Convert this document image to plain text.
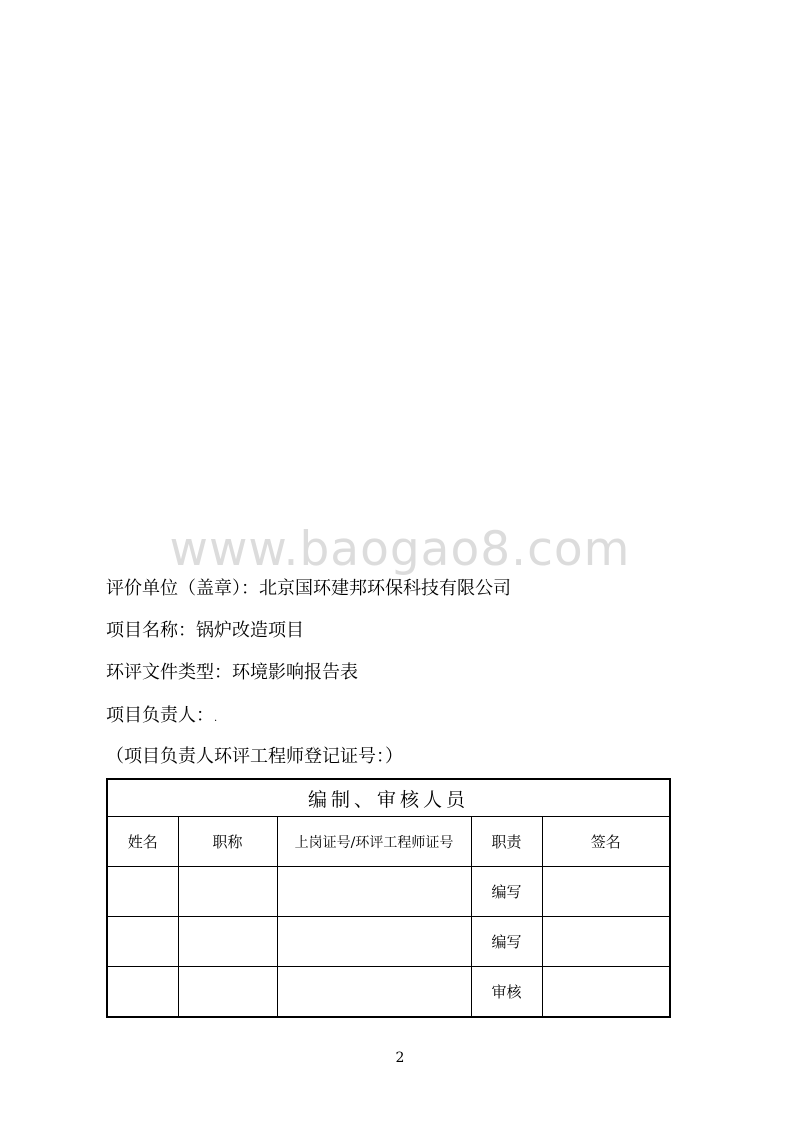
www.baogao8.com
评价单位（盖章）：北京国环建邦环保科技有限公司
项目名称：锅炉改造项目
环评文件类型：环境影响报告表
项目负责人：.
（项目负责人环评工程师登记证号：）
编制、审核人员				
姓名	职称	上岗证号/环评工程师证号	职责	签名
			编写	
			编写	
			审核	
2
